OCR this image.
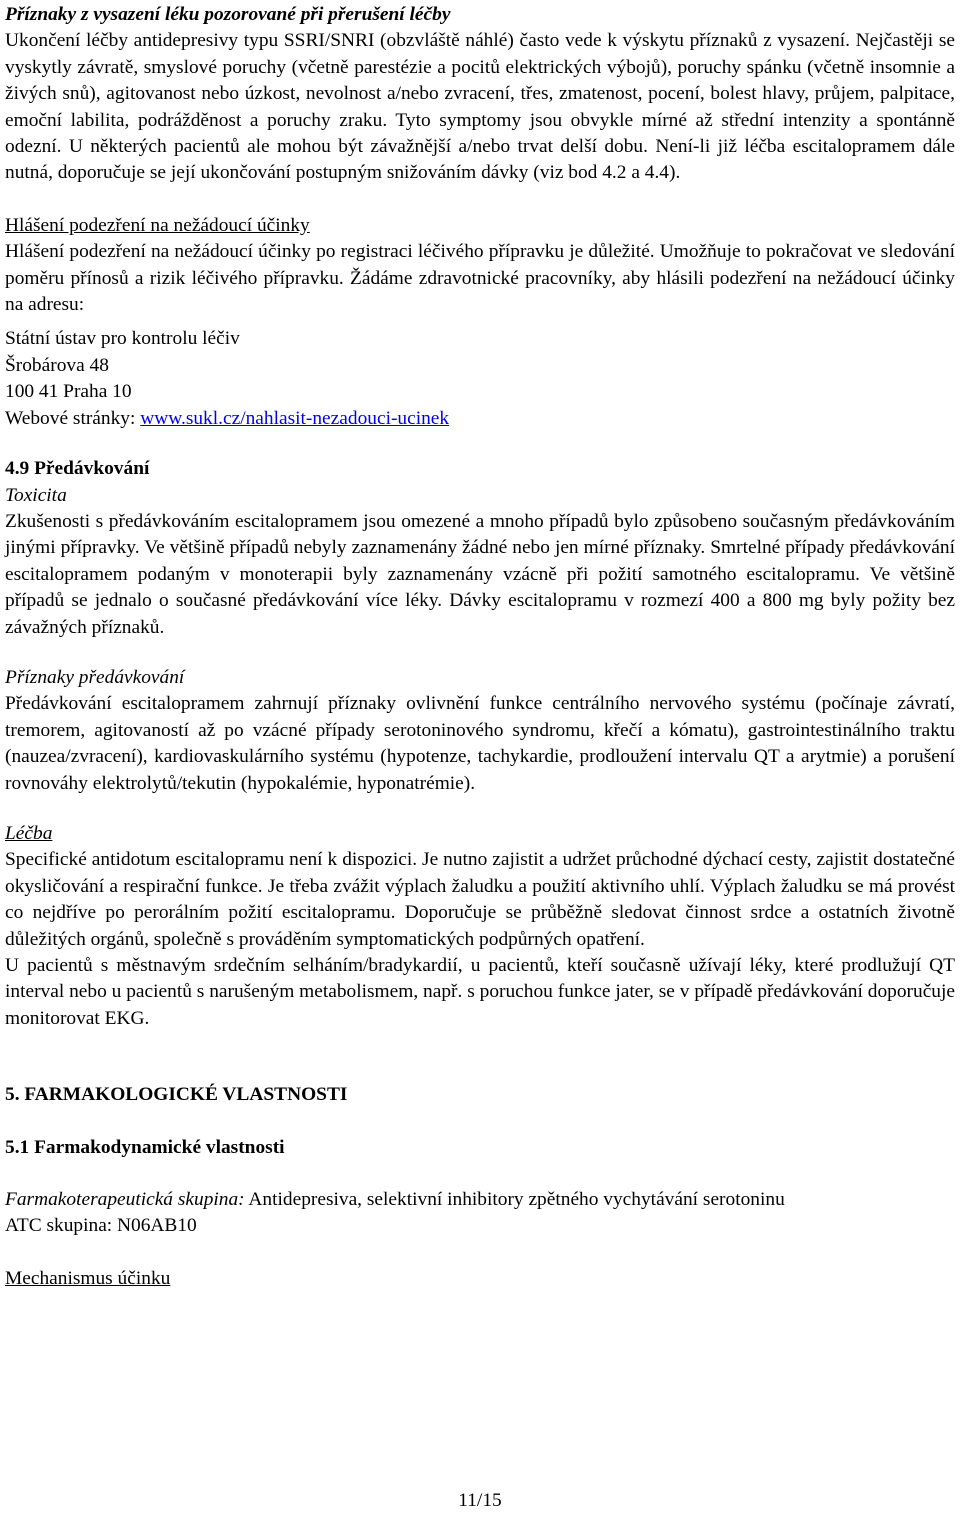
11/15

Příznaky z vysazení léku pozorované při přerušení léčby

Ukončení léčby antidepresivy typu SSRI/SNRI (obzvláště náhlé) často vede k výskytu příznaků z vysazení. Nejčastěji se vyskytly závratě, smyslové poruchy (včetně parestézie a pocitů elektrických výbojů), poruchy spánku (včetně insomnie a živých snů), agitovanost nebo úzkost, nevolnost a/nebo zvracení, třes, zmatenost, pocení, bolest hlavy, průjem, palpitace, emoční labilita, podrážděnost a poruchy zraku. Tyto symptomy jsou obvykle mírné až střední intenzity a spontánně odezní. U některých pacientů ale mohou být závažnější a/nebo trvat delší dobu. Není-li již léčba escitalopramem dále nutná, doporučuje se její ukončování postupným snižováním dávky (viz bod 4.2 a 4.4).

Hlášení podezření na nežádoucí účinky

Hlášení podezření na nežádoucí účinky po registraci léčivého přípravku je důležité. Umožňuje to pokračovat ve sledování poměru přínosů a rizik léčivého přípravku. Žádáme zdravotnické pracovníky, aby hlásili podezření na nežádoucí účinky na adresu:

Státní ústav pro kontrolu léčiv

Šrobárova 48

100 41 Praha 10

Webové stránky: www.sukl.cz/nahlasit-nezadouci-ucinek

4.9 Předávkování

Toxicita

Zkušenosti s předávkováním escitalopramem jsou omezené a mnoho případů bylo způsobeno současným předávkováním jinými přípravky. Ve většině případů nebyly zaznamenány žádné nebo jen mírné příznaky. Smrtelné případy předávkování escitalopramem podaným v monoterapii byly zaznamenány vzácně při požití samotného escitalopramu. Ve většině případů se jednalo o současné předávkování více léky. Dávky escitalopramu v rozmezí 400 a 800 mg byly požity bez závažných příznaků.

Příznaky předávkování

Předávkování escitalopramem zahrnují příznaky ovlivnění funkce centrálního nervového systému (počínaje závratí, tremorem, agitovaností až po vzácné případy serotoninového syndromu, křečí a kómatu), gastrointestinálního traktu (nauzea/zvracení), kardiovaskulárního systému (hypotenze, tachykardie, prodloužení intervalu QT a arytmie) a porušení rovnováhy elektrolytů/tekutin (hypokalémie, hyponatrémie).

Léčba

Specifické antidotum escitalopramu není k dispozici. Je nutno zajistit a udržet průchodné dýchací cesty, zajistit dostatečné okysličování a respirační funkce. Je třeba zvážit výplach žaludku a použití aktivního uhlí. Výplach žaludku se má provést co nejdříve po perorálním požití escitalopramu. Doporučuje se průběžně sledovat činnost srdce a ostatních životně důležitých orgánů, společně s prováděním symptomatických podpůrných opatření.

U pacientů s městnavým srdečním selháním/bradykardií, u pacientů, kteří současně užívají léky, které prodlužují QT interval nebo u pacientů s narušeným metabolismem, např. s poruchou funkce jater, se v případě předávkování doporučuje monitorovat EKG.

5. FARMAKOLOGICKÉ VLASTNOSTI

5.1 Farmakodynamické vlastnosti

Farmakoterapeutická skupina: Antidepresiva, selektivní inhibitory zpětného vychytávání serotoninu

ATC skupina: N06AB10

Mechanismus účinku
